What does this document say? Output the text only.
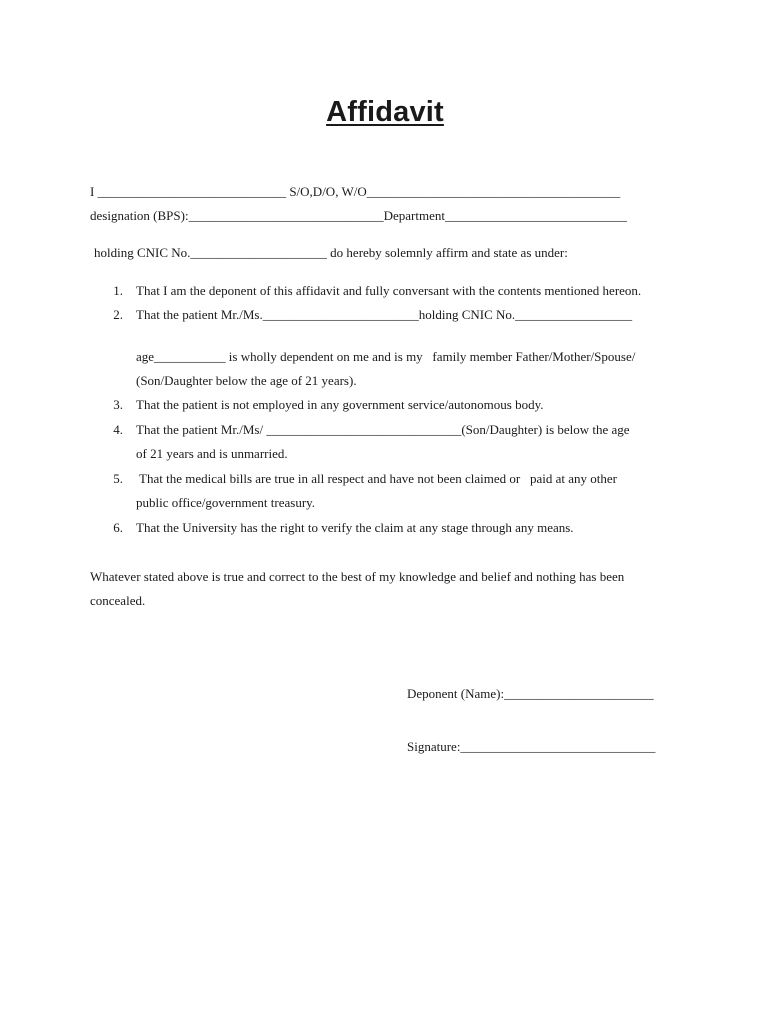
Affidavit
I _____________________________ S/O,D/O, W/O_______________________________________
designation (BPS):______________________________Department____________________________
holding CNIC No._____________________ do hereby solemnly affirm and state as under:
1. That I am the deponent of this affidavit and fully conversant with the contents mentioned hereon.
2. That the patient Mr./Ms.________________________holding CNIC No.__________________
age___________ is wholly dependent on me and is my   family member Father/Mother/Spouse/
(Son/Daughter below the age of 21 years).
3. That the patient is not employed in any government service/autonomous body.
4. That the patient Mr./Ms/ ______________________________(Son/Daughter) is below the age
of 21 years and is unmarried.
5. That the medical bills are true in all respect and have not been claimed or   paid at any other
public office/government treasury.
6. That the University has the right to verify the claim at any stage through any means.
Whatever stated above is true and correct to the best of my knowledge and belief and nothing has been
concealed.
Deponent (Name):_______________________
Signature:______________________________
